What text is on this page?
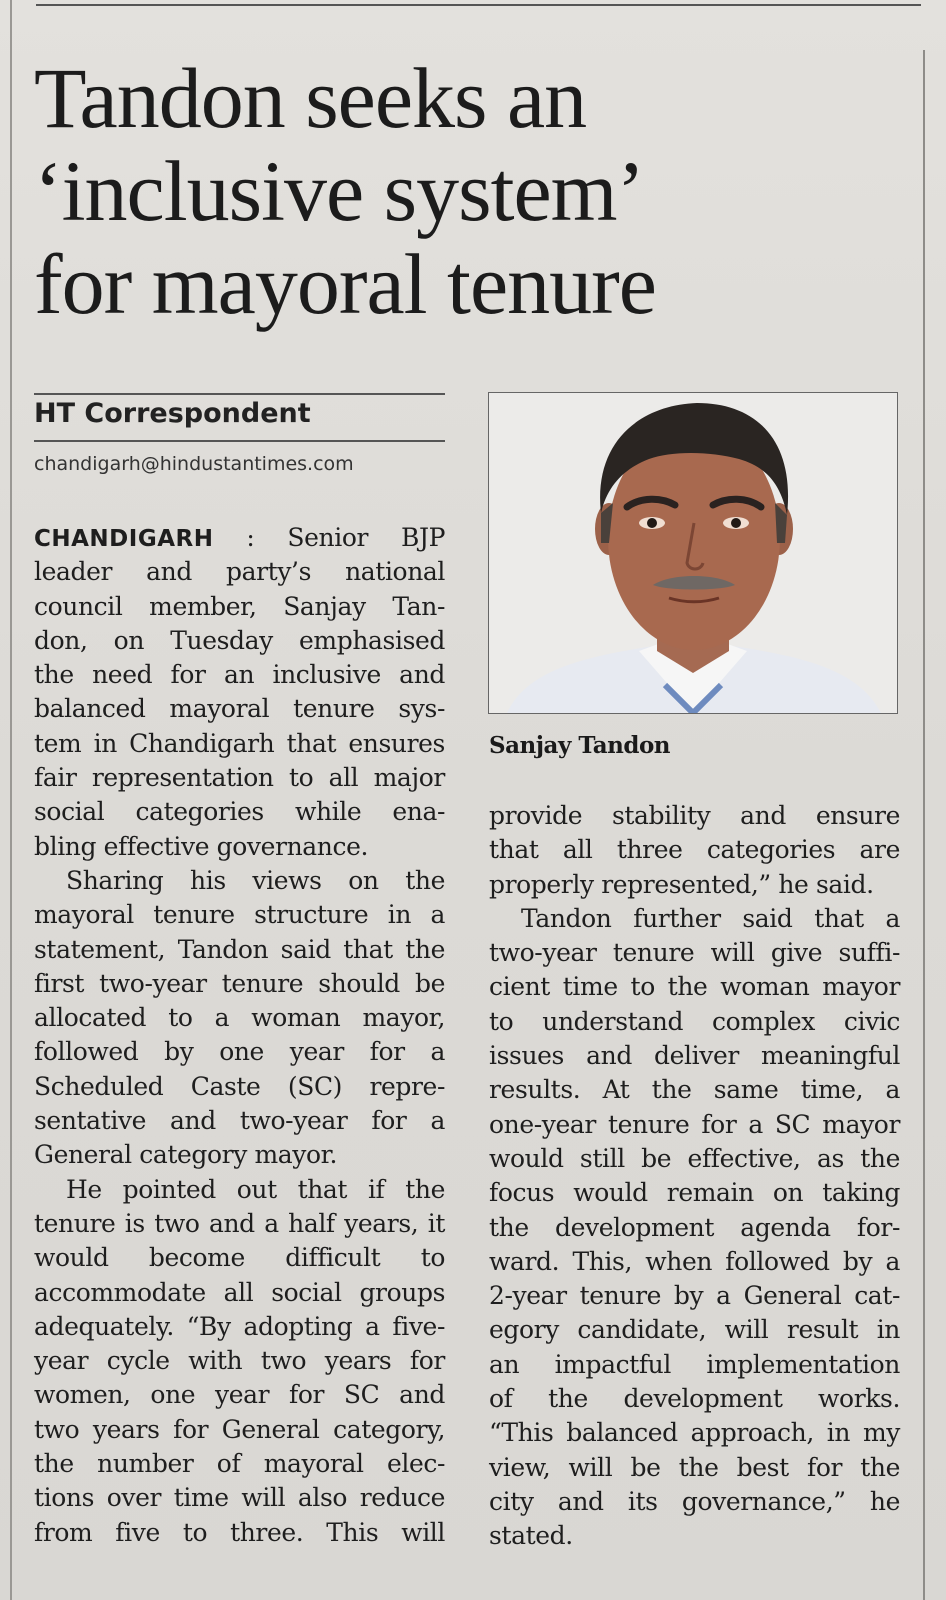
Tandon seeks an
‘inclusive system’
for mayoral tenure

HT Correspondent

chandigarh@hindustantimes.com
Sanjay Tandon
CHANDIGARH : Senior BJP
leader and party’s national
council member, Sanjay Tan-
don, on Tuesday emphasised
the need for an inclusive and
balanced mayoral tenure sys-
tem in Chandigarh that ensures
fair representation to all major
social categories while ena-
bling effective governance.
Sharing his views on the
mayoral tenure structure in a
statement, Tandon said that the
first two-year tenure should be
allocated to a woman mayor,
followed by one year for a
Scheduled Caste (SC) repre-
sentative and two-year for a
General category mayor.
He pointed out that if the
tenure is two and a half years, it
would become difficult to
accommodate all social groups
adequately. “By adopting a five-
year cycle with two years for
women, one year for SC and
two years for General category,
the number of mayoral elec-
tions over time will also reduce
from five to three. This will
provide stability and ensure
that all three categories are
properly represented,” he said.
Tandon further said that a
two-year tenure will give suffi-
cient time to the woman mayor
to understand complex civic
issues and deliver meaningful
results. At the same time, a
one-year tenure for a SC mayor
would still be effective, as the
focus would remain on taking
the development agenda for-
ward. This, when followed by a
2-year tenure by a General cat-
egory candidate, will result in
an impactful implementation
of the development works.
“This balanced approach, in my
view, will be the best for the
city and its governance,” he
stated.
